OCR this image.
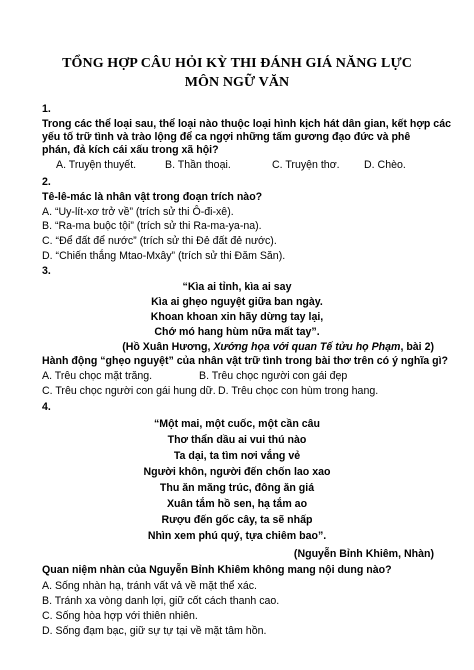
TỔNG HỢP CÂU HỎI KỲ THI ĐÁNH GIÁ NĂNG LỰC
MÔN NGỮ VĂN
1.
Trong các thể loại sau, thể loại nào thuộc loại hình kịch hát dân gian, kết hợp các
yếu tố trữ tình và trào lộng để ca ngợi những tấm gương đạo đức và phê
phán, đả kích cái xấu trong xã hội?
A. Truyện thuyết.	B. Thần thoại.	C. Truyện thơ. D. Chèo.
2.
Tê-lê-mác là nhân vật trong đoạn trích nào?
A. “Uy-lít-xơ trở về” (trích sử thi Ô-đi-xê).
B. “Ra-ma buộc tội” (trích sử thi Ra-ma-ya-na).
C. “Để đất để nước” (trích sử thi Đẻ đất đẻ nước).
D. “Chiến thắng Mtao-Mxây” (trích sử thi Đăm Săn).
3.
“Kìa ai tỉnh, kìa ai say
Kìa ai ghẹo nguyệt giữa ban ngày.
Khoan khoan xin hãy dừng tay lại,
Chớ mó hang hùm nữa mất tay”.
(Hồ Xuân Hương, Xướng họa với quan Tế tửu họ Phạm, bài 2)
Hành động “ghẹo nguyệt” của nhân vật trữ tình trong bài thơ trên có ý nghĩa gì?
A. Trêu chọc mặt trăng.	B. Trêu chọc người con gái đẹp
C. Trêu chọc người con gái hung dữ. D. Trêu chọc con hùm trong hang.
4.
“Một mai, một cuốc, một cần câu
Thơ thẩn dầu ai vui thú nào
Ta dại, ta tìm nơi vắng vẻ
Người khôn, người đến chốn lao xao
Thu ăn măng trúc, đông ăn giá
Xuân tắm hồ sen, hạ tắm ao
Rượu đến gốc cây, ta sẽ nhấp
Nhìn xem phú quý, tựa chiêm bao”.
(Nguyễn Bỉnh Khiêm, Nhàn)
Quan niệm nhàn của Nguyễn Bỉnh Khiêm không mang nội dung nào?
A. Sống nhàn hạ, tránh vất vả về mặt thể xác.
B. Tránh xa vòng danh lợi, giữ cốt cách thanh cao.
C. Sống hòa hợp với thiên nhiên.
D. Sống đạm bạc, giữ sự tự tại về mặt tâm hồn.
